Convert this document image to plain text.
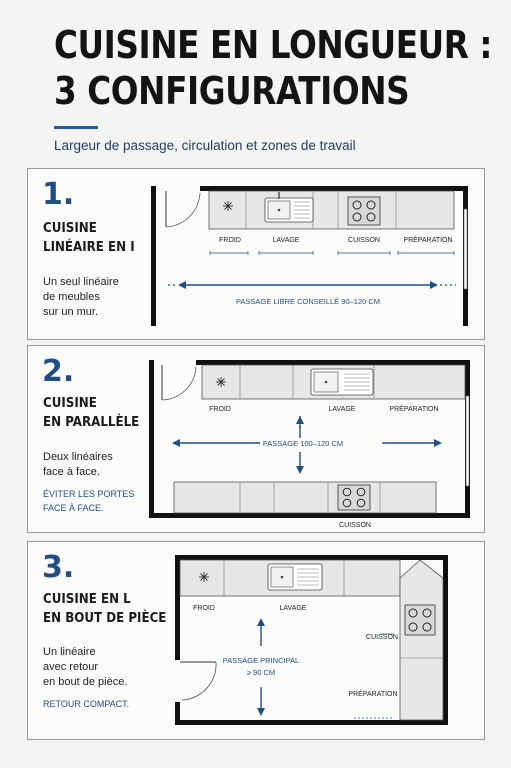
CUISINE EN LONGUEUR :
3 CONFIGURATIONS
Largeur de passage, circulation et zones de travail
1.
CUISINE
LINÉAIRE EN I
Un seul linéaire
de meubles
sur un mur.
FROID	LAVAGE	CUISSON	PRÉPARATION
PASSAGE LIBRE CONSEILLÉ 90–120 CM
2.
CUISINE
EN PARALLÈLE
Deux linéaires
face à face.
ÉVITER LES PORTES
FACE À FACE.
FROID	LAVAGE	PRÉPARATION
CUISSON
PASSAGE 100–120 CM
3.
CUISINE EN L
EN BOUT DE PIÈCE
Un linéaire
avec retour
en bout de pièce.
RETOUR COMPACT.
FROID	LAVAGE
CUISSON
PRÉPARATION
PASSAGE PRINCIPAL
≥ 90 CM
